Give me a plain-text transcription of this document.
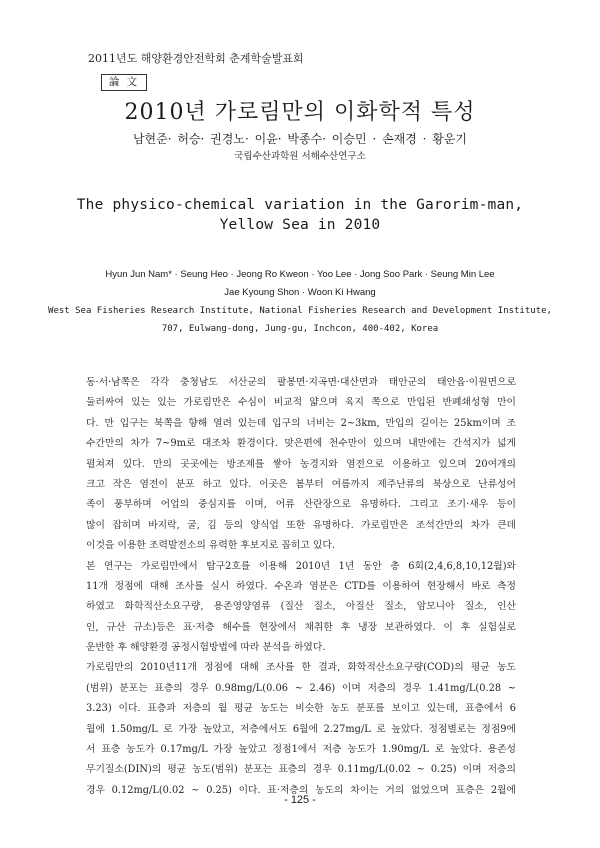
2011년도 해양환경안전학회 춘계학술발표회
論 文
2010년 가로림만의 이화학적 특성
남현준· 허승· 권경노· 이윤· 박종수· 이승민 · 손재경 · 황운기
국립수산과학원 서해수산연구소
The physico-chemical variation in the Garorim-man,
Yellow Sea in 2010
Hyun Jun Nam* · Seung Heo · Jeong Ro Kweon · Yoo Lee · Jong Soo Park · Seung Min Lee
Jae Kyoung Shon · Woon Ki Hwang
West Sea Fisheries Research Institute, National Fisheries Research and Development Institute,
707, Eulwang-dong, Jung-gu, Inchcon, 400-402, Korea
동·서·남쪽은 각각 충청남도 서산군의 팔봉면·지곡면·대산면과 태안군의 태안읍·이원면으로
둘러싸여 있는 있는 가로림만은 수심이 비교적 얇으며 육지 쪽으로 만입된 반폐쇄성형 만이
다. 만 입구는 북쪽을 향해 열려 있는데 입구의 너비는 2~3km, 만입의 길이는 25km이며 조
수간만의 차가 7~9m로 대조차 환경이다. 맞은편에 천수만이 있으며 내만에는 간석지가 넓게
펼쳐져 있다. 만의 곳곳에는 방조제를 쌓아 농경지와 염전으로 이용하고 있으며 20여개의
크고 작은 염전이 분포 하고 있다. 이곳은 봄부터 여름까지 제주난류의 북상으로 난류성어
족이 풍부하며 어업의 중심지를 이며, 어류 산란장으로 유명하다. 그리고 조기·새우 등이
많이 잡히며 바지락, 굴, 김 등의 양식업 또한 유명하다. 가로림만은 조석간만의 차가 큰데
이것을 이용한 조력발전소의 유력한 후보지로 꼽히고 있다.
본 연구는 가로림만에서 탐구2호를 이용해 2010년 1년 동안 총 6회(2,4,6,8,10,12월)와
11개 정점에 대해 조사를 실시 하였다. 수온과 염분은 CTD를 이용하여 현장해서 바로 측정
하였고 화학적산소요구량, 용존영양염류 (질산 질소, 아질산 질소, 암모니아 질소, 인산
인, 규산 규소)등은 표·저층 해수를 현장에서 채취한 후 냉장 보관하였다. 이 후 실험실로
운반한 후 해양환경 공정시험방법에 따라 분석을 하였다.
가로림만의 2010년11개 정점에 대해 조사를 한 결과, 화학적산소요구량(COD)의 평균 농도
(범위) 분포는 표층의 경우 0.98mg/L(0.06 ~ 2.46) 이며 저층의 경우 1.41mg/L(0.28 ~
3.23) 이다. 표층과 저층의 월 평균 농도는 비슷한 농도 분포를 보이고 있는데, 표층에서 6
월에 1.50mg/L 로 가장 높았고, 저층에서도 6월에 2.27mg/L 로 높았다. 정점별로는 정점9에
서 표층 농도가 0.17mg/L 가장 높았고 정점1에서 저층 농도가 1.90mg/L 로 높았다. 용존성
무기질소(DIN)의 평균 농도(범위) 분포는 표층의 경우 0.11mg/L(0.02 ~ 0.25) 이며 저층의
경우 0.12mg/L(0.02 ~ 0.25) 이다. 표·저층의 농도의 차이는 거의 없었으며 표층은 2월에
- 125 -
